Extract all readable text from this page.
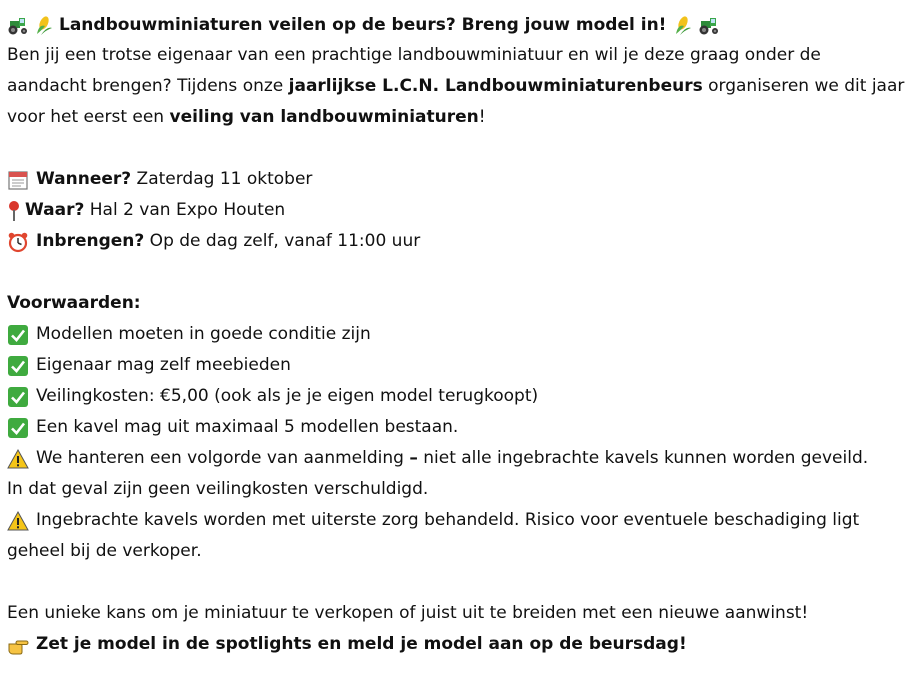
Landbouwminiaturen veilen op de beurs? Breng jouw model in!
Ben jij een trotse eigenaar van een prachtige landbouwminiatuur en wil je deze graag onder de
aandacht brengen? Tijdens onze jaarlijkse L.C.N. Landbouwminiaturenbeurs organiseren we dit jaar
voor het eerst een veiling van landbouwminiaturen!
Wanneer? Zaterdag 11 oktober
Waar? Hal 2 van Expo Houten
Inbrengen? Op de dag zelf, vanaf 11:00 uur
Voorwaarden:
Modellen moeten in goede conditie zijn
Eigenaar mag zelf meebieden
Veilingkosten: €5,00 (ook als je je eigen model terugkoopt)
Een kavel mag uit maximaal 5 modellen bestaan.
We hanteren een volgorde van aanmelding – niet alle ingebrachte kavels kunnen worden geveild.
In dat geval zijn geen veilingkosten verschuldigd.
Ingebrachte kavels worden met uiterste zorg behandeld. Risico voor eventuele beschadiging ligt
geheel bij de verkoper.
Een unieke kans om je miniatuur te verkopen of juist uit te breiden met een nieuwe aanwinst!
Zet je model in de spotlights en meld je model aan op de beursdag!
